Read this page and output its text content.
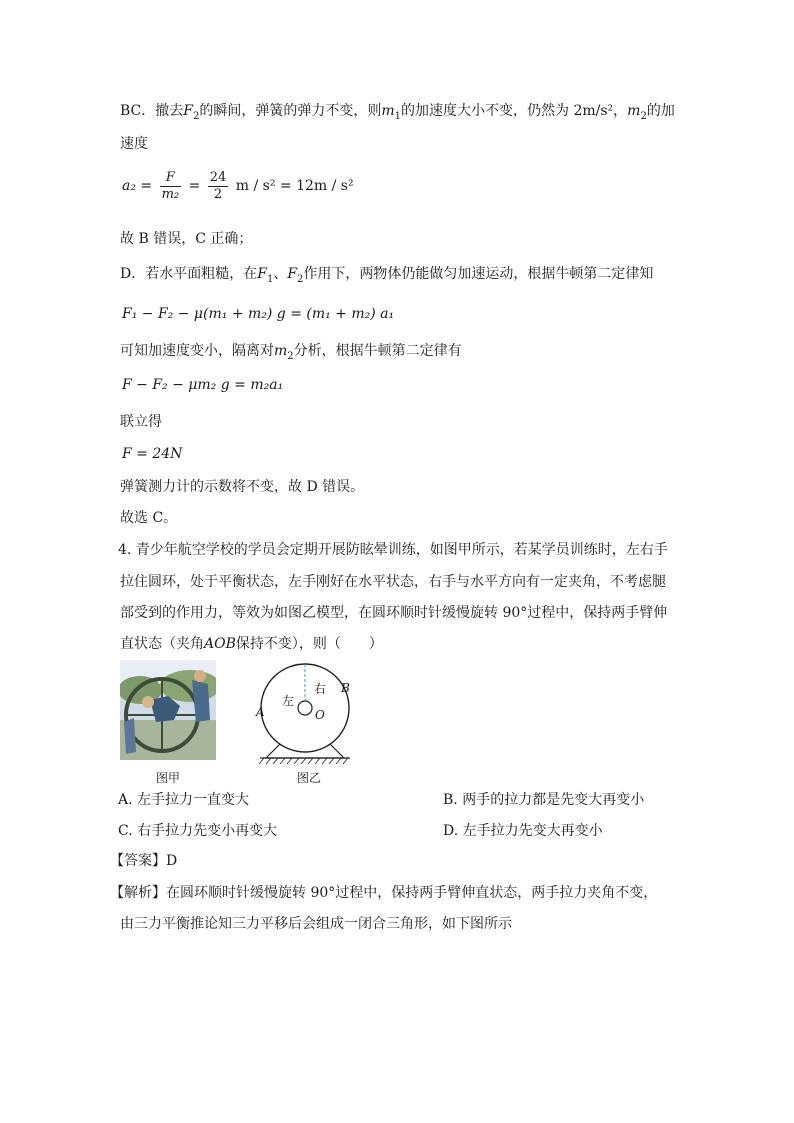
BC．撤去$F_2$的瞬间，弹簧的弹力不变，则$m_1$的加速度大小不变，仍然为 2m/s²，$m_2$的加
速度
$a_2 = \frac{F}{\text{m₂}} = \frac{24}{2}$ m / s² = 12m / s²
故 B 错误，C 正确；
D．若水平面粗糙，在$F_1$、$F_2$作用下，两物体仍能做匀加速运动，根据牛顿第二定律知
F₁ − F₂ − μ(m₁ + m₂) g = (m₁ + m₂) a₁
可知加速度变小，隔离对$m_2$分析，根据牛顿第二定律有
F − F₂ − μm₂ g = m₂a₁
联立得
F = 24N
弹簧测力计的示数将不变，故 D 错误。
故选 C。
4. 青少年航空学校的学员会定期开展防眩晕训练，如图甲所示，若某学员训练时，左右手
拉住圆环，处于平衡状态，左手刚好在水平状态，右手与水平方向有一定夹角，不考虑腿
部受到的作用力，等效为如图乙模型，在圆环顺时针缓慢旋转 90°过程中，保持两手臂伸
直状态（夹角AOB保持不变），则（　　）
图甲
左
右 B
A	O
图乙
A. 左手拉力一直变大	B. 两手的拉力都是先变大再变小
C. 右手拉力先变小再变大	D. 左手拉力先变大再变小
【答案】D
【解析】在圆环顺时针缓慢旋转 90°过程中，保持两手臂伸直状态，两手拉力夹角不变，
由三力平衡推论知三力平移后会组成一闭合三角形，如下图所示
